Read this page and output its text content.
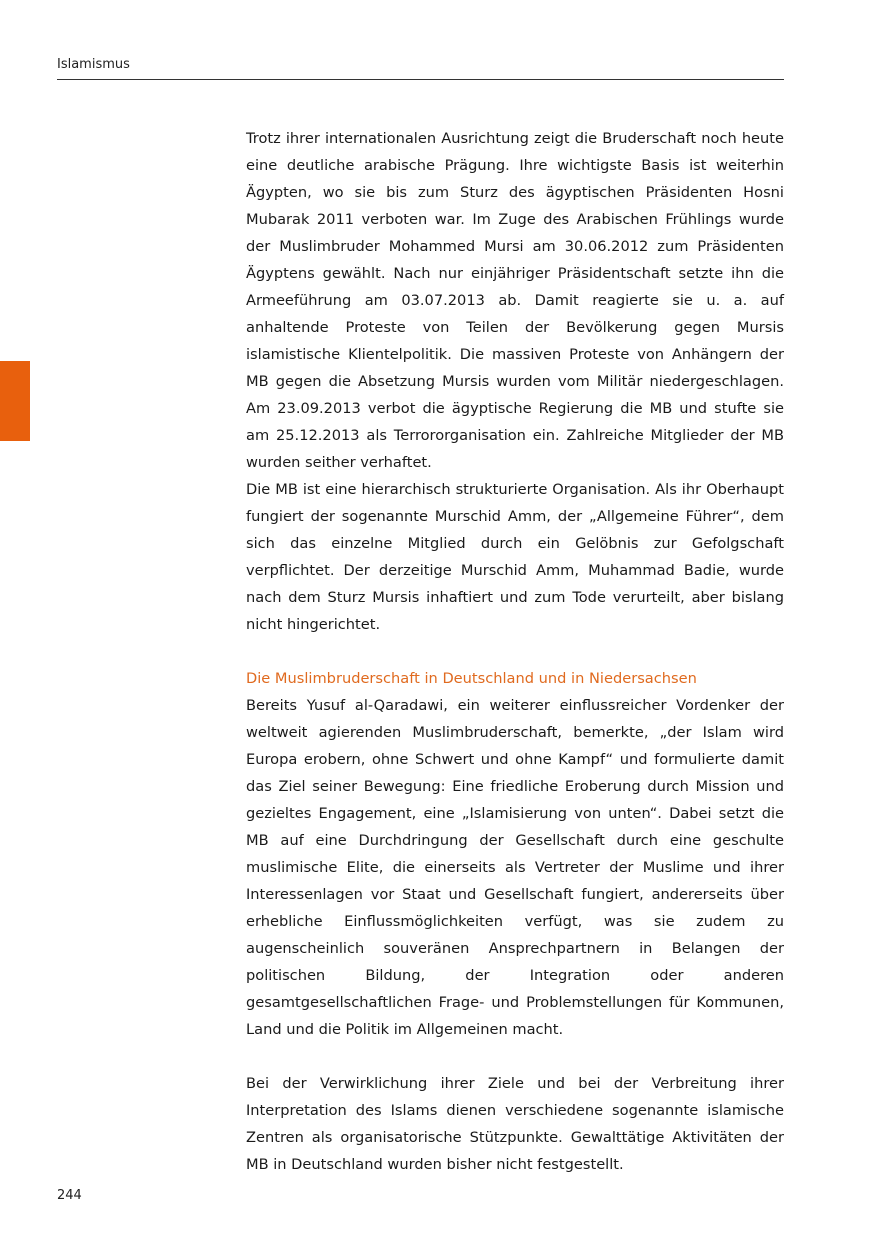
Islamismus

Trotz ihrer internationalen Ausrichtung zeigt die Bruderschaft noch heute eine deutliche arabische Prägung. Ihre wichtigste Basis ist weiterhin Ägypten, wo sie bis zum Sturz des ägyptischen Präsidenten Hosni Mubarak 2011 verboten war. Im Zuge des Arabischen Frühlings wurde der Muslimbruder Mohammed Mursi am 30.06.2012 zum Präsidenten Ägyptens gewählt. Nach nur einjähriger Präsidentschaft setzte ihn die Armeeführung am 03.07.2013 ab. Damit reagierte sie u. a. auf anhaltende Proteste von Teilen der Bevölkerung gegen Mursis islamistische Klientelpolitik. Die massiven Proteste von Anhängern der MB gegen die Absetzung Mursis wurden vom Militär niedergeschlagen. Am 23.09.2013 verbot die ägyptische Regierung die MB und stufte sie am 25.12.2013 als Terrororganisation ein. Zahlreiche Mitglieder der MB wurden seither verhaftet.

Die MB ist eine hierarchisch strukturierte Organisation. Als ihr Oberhaupt fungiert der sogenannte Murschid Amm, der „Allgemeine Führer“, dem sich das einzelne Mitglied durch ein Gelöbnis zur Gefolgschaft verpflichtet. Der derzeitige Murschid Amm, Muhammad Badie, wurde nach dem Sturz Mursis inhaftiert und zum Tode verurteilt, aber bislang nicht hingerichtet.

Die Muslimbruderschaft in Deutschland und in Niedersachsen

Bereits Yusuf al-Qaradawi, ein weiterer einflussreicher Vordenker der weltweit agierenden Muslimbruderschaft, bemerkte, „der Islam wird Europa erobern, ohne Schwert und ohne Kampf“ und formulierte damit das Ziel seiner Bewegung: Eine friedliche Eroberung durch Mission und gezieltes Engagement, eine „Islamisierung von unten“. Dabei setzt die MB auf eine Durchdringung der Gesellschaft durch eine geschulte muslimische Elite, die einerseits als Vertreter der Muslime und ihrer Interessenlagen vor Staat und Gesellschaft fungiert, andererseits über erhebliche Einflussmöglichkeiten verfügt, was sie zudem zu augenscheinlich souveränen Ansprechpartnern in Belangen der politischen Bildung, der Integration oder anderen gesamtgesellschaftlichen Frage- und Problemstellungen für Kommunen, Land und die Politik im Allgemeinen macht.

Bei der Verwirklichung ihrer Ziele und bei der Verbreitung ihrer Interpretation des Islams dienen verschiedene sogenannte islamische Zentren als organisatorische Stützpunkte. Gewalttätige Aktivitäten der MB in Deutschland wurden bisher nicht festgestellt.

244
